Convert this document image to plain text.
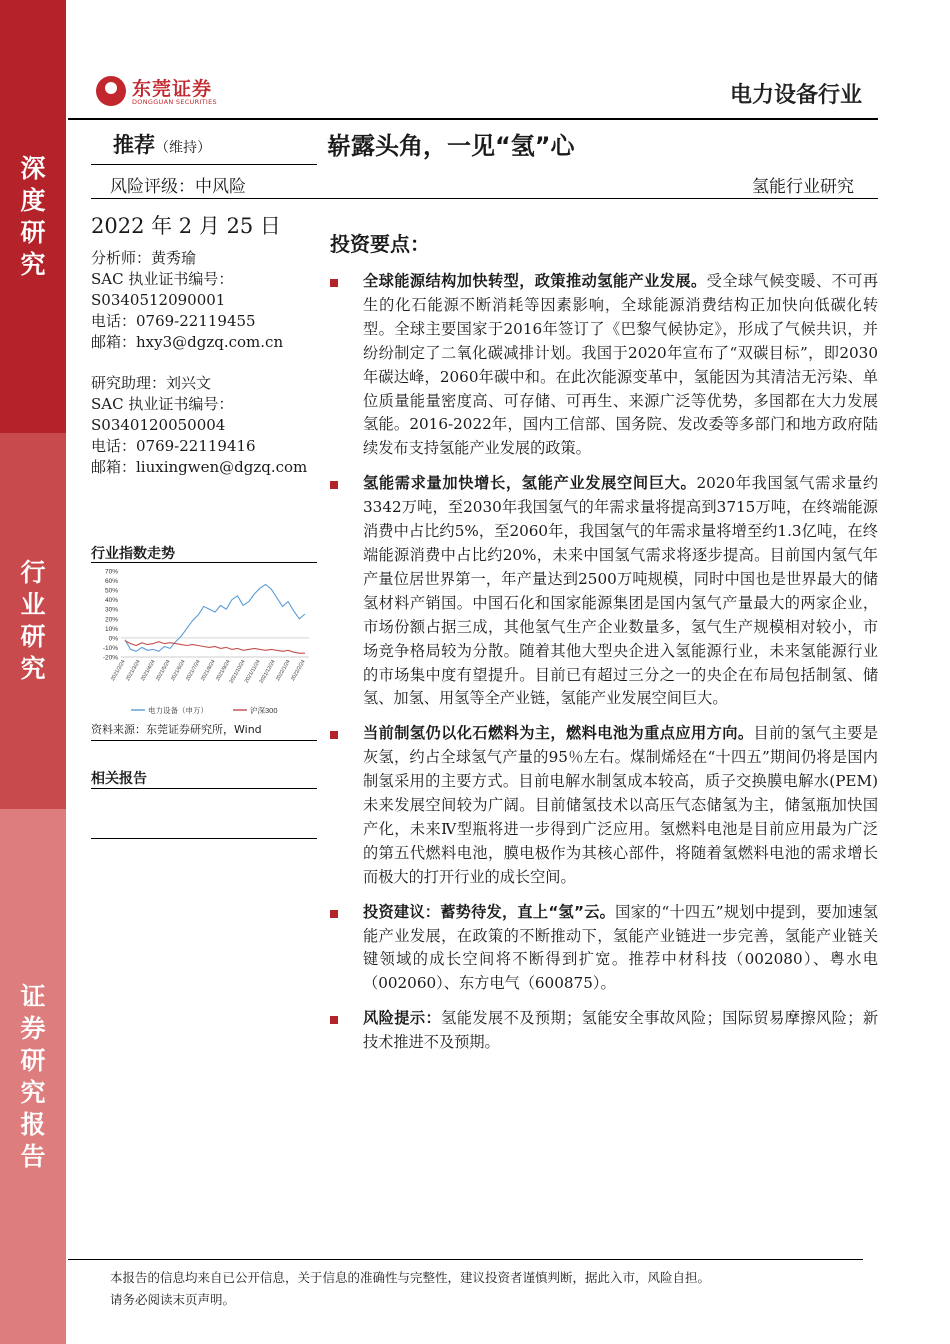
深
度
研
究
行
业
研
究
证
券
研
究
报
告
东莞证券
DONGGUAN SECURITIES	电力设备行业
推荐（维持）	崭露头角，一见“氢”心
风险评级：中风险	氢能行业研究
2022 年 2 月 25 日
分析师：黄秀瑜
SAC 执业证书编号：
S0340512090001
电话：0769-22119455
邮箱：hxy3@dgzq.com.cn
研究助理：刘兴文
SAC 执业证书编号：
S0340120050004
电话：0769-22119416
邮箱：liuxingwen@dgzq.com
行业指数走势
70%
60%
50%
40%
30%
20%
10%
0%
-10%
-20%
2021/2/24
2021/3/24
2021/4/24
2021/5/24
2021/6/24
2021/7/24
2021/8/24
2021/9/24
2021/10/24
2021/11/24
2021/12/24
2022/1/24
2022/2/24
电力设备（申万）	沪深300
资料来源：东莞证券研究所，Wind
相关报告
投资要点：
全球能源结构加快转型，政策推动氢能产业发展。受全球气候变暖、不可再生的化石能源不断消耗等因素影响，全球能源消费结构正加快向低碳化转型。全球主要国家于2016年签订了《巴黎气候协定》，形成了气候共识，并纷纷制定了二氧化碳减排计划。我国于2020年宣布了“双碳目标”，即2030年碳达峰，2060年碳中和。在此次能源变革中，氢能因为其清洁无污染、单位质量能量密度高、可存储、可再生、来源广泛等优势，多国都在大力发展氢能。2016-2022年，国内工信部、国务院、发改委等多部门和地方政府陆续发布支持氢能产业发展的政策。
氢能需求量加快增长，氢能产业发展空间巨大。2020年我国氢气需求量约3342万吨，至2030年我国氢气的年需求量将提高到3715万吨，在终端能源消费中占比约5%，至2060年，我国氢气的年需求量将增至约1.3亿吨，在终端能源消费中占比约20%，未来中国氢气需求将逐步提高。目前国内氢气年产量位居世界第一，年产量达到2500万吨规模，同时中国也是世界最大的储氢材料产销国。中国石化和国家能源集团是国内氢气产量最大的两家企业，市场份额占据三成，其他氢气生产企业数量多，氢气生产规模相对较小，市场竞争格局较为分散。随着其他大型央企进入氢能源行业，未来氢能源行业的市场集中度有望提升。目前已有超过三分之一的央企在布局包括制氢、储氢、加氢、用氢等全产业链，氢能产业发展空间巨大。
当前制氢仍以化石燃料为主，燃料电池为重点应用方向。目前的氢气主要是灰氢，约占全球氢气产量的95％左右。煤制烯烃在“十四五”期间仍将是国内制氢采用的主要方式。目前电解水制氢成本较高，质子交换膜电解水(PEM)未来发展空间较为广阔。目前储氢技术以高压气态储氢为主，储氢瓶加快国产化，未来Ⅳ型瓶将进一步得到广泛应用。氢燃料电池是目前应用最为广泛的第五代燃料电池，膜电极作为其核心部件，将随着氢燃料电池的需求增长而极大的打开行业的成长空间。
投资建议：蓄势待发，直上“氢”云。国家的“十四五”规划中提到，要加速氢能产业发展，在政策的不断推动下，氢能产业链进一步完善，氢能产业链关键领域的成长空间将不断得到扩宽。推荐中材科技（002080）、粤水电（002060）、东方电气（600875）。
风险提示：氢能发展不及预期；氢能安全事故风险；国际贸易摩擦风险；新技术推进不及预期。
本报告的信息均来自已公开信息，关于信息的准确性与完整性，建议投资者谨慎判断，据此入市，风险自担。
请务必阅读末页声明。
